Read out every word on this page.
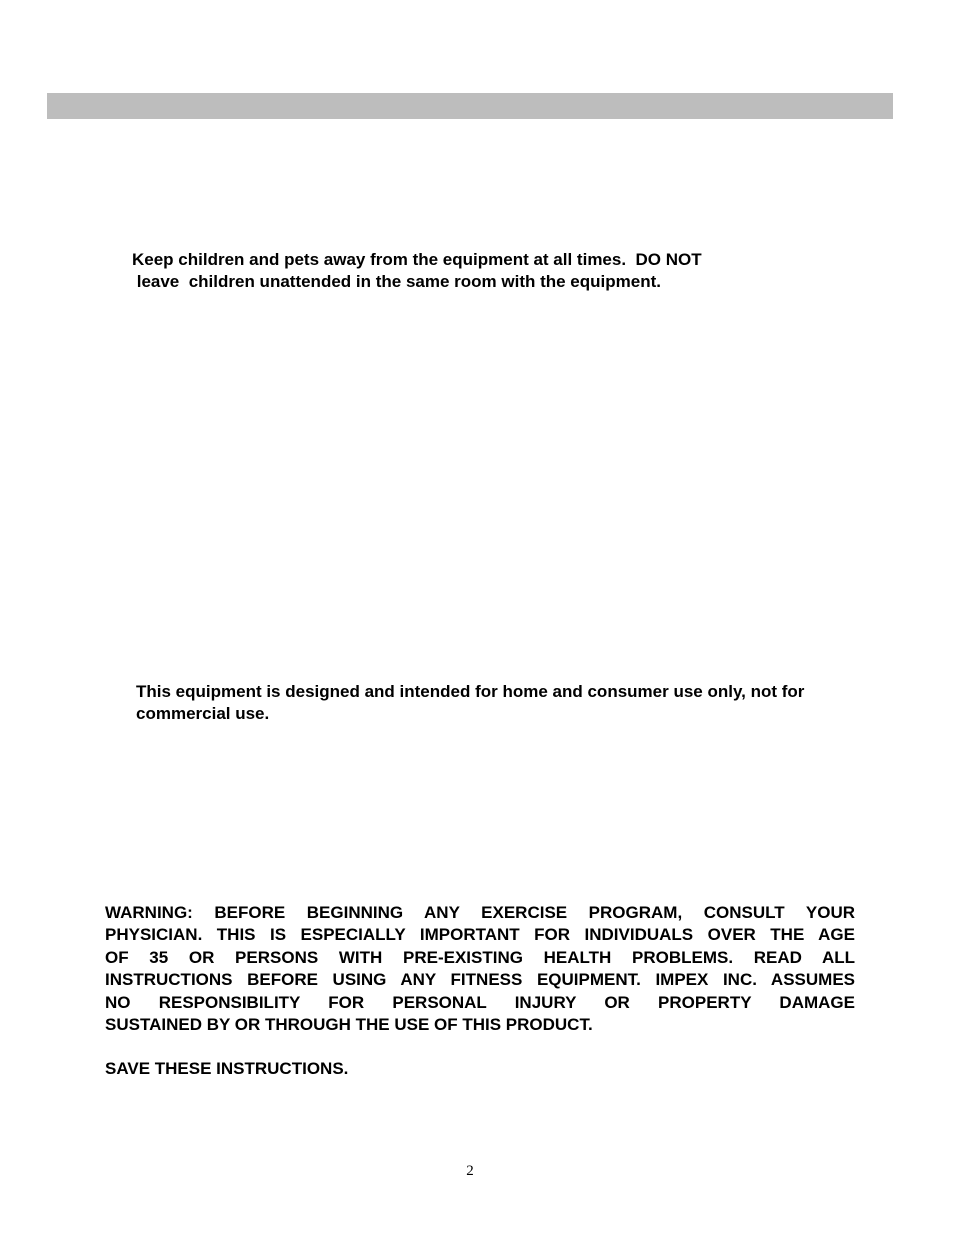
Keep children and pets away from the equipment at all times.  DO NOT

leave  children unattended in the same room with the equipment.

This equipment is designed and intended for home and consumer use only, not for

commercial use.

WARNING: BEFORE BEGINNING ANY EXERCISE PROGRAM, CONSULT YOUR
PHYSICIAN. THIS IS ESPECIALLY IMPORTANT FOR INDIVIDUALS OVER THE AGE
OF 35 OR PERSONS WITH PRE-EXISTING HEALTH PROBLEMS. READ ALL
INSTRUCTIONS BEFORE USING ANY FITNESS EQUIPMENT. IMPEX INC. ASSUMES
NO RESPONSIBILITY FOR PERSONAL INJURY OR PROPERTY DAMAGE
SUSTAINED BY OR THROUGH THE USE OF THIS PRODUCT.

SAVE THESE INSTRUCTIONS.

2
